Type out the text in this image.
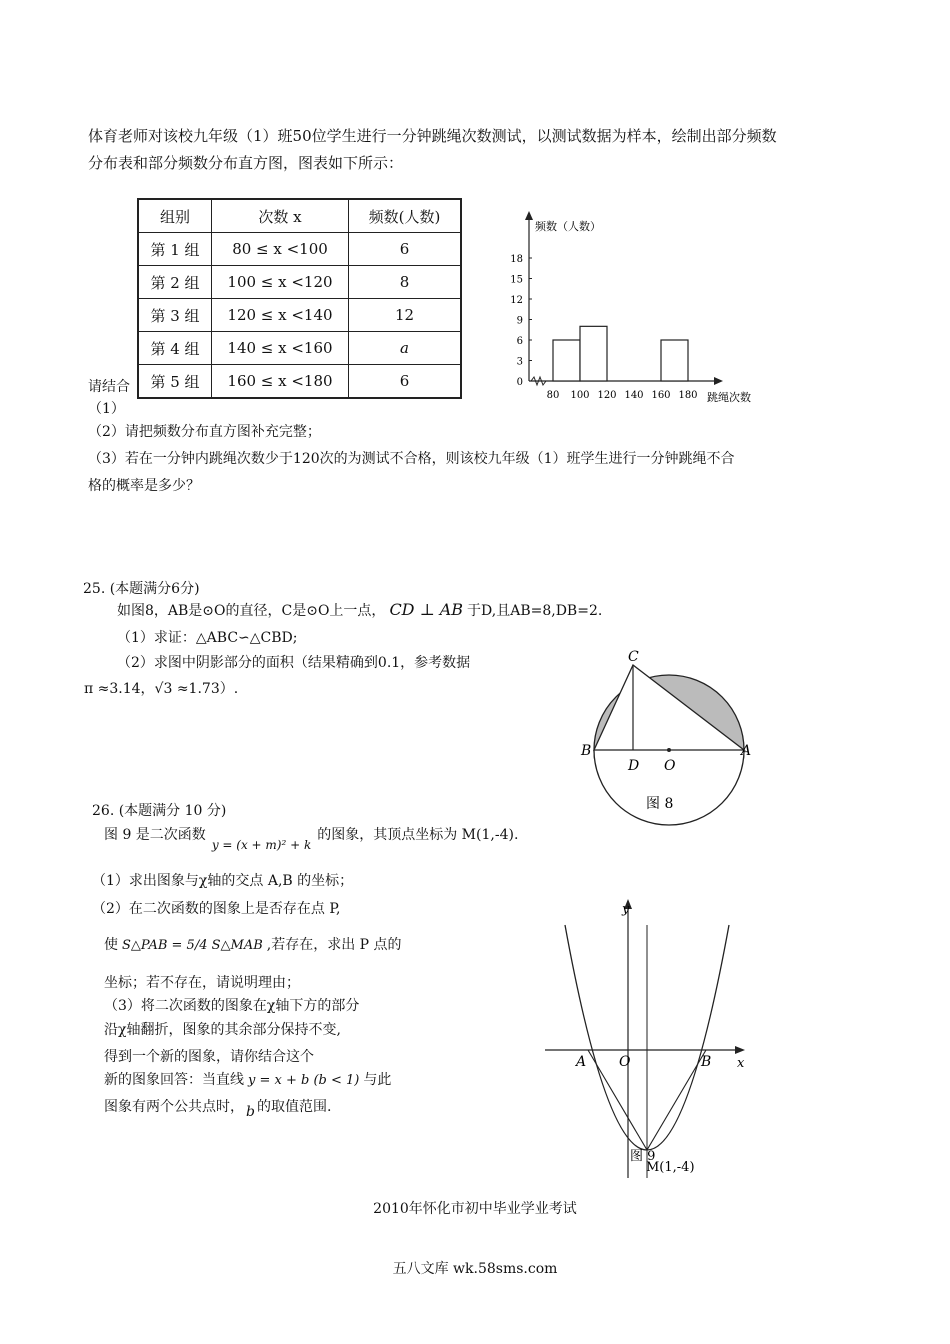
体育老师对该校九年级（1）班50位学生进行一分钟跳绳次数测试，以测试数据为样本，绘制出部分频数
分布表和部分频数分布直方图，图表如下所示：
组别	次数 x	频数(人数)
第 1 组	80 ≤ x <100	6
第 2 组	100 ≤ x <120	8
第 3 组	120 ≤ x <140	12
第 4 组	140 ≤ x <160	a
第 5 组	160 ≤ x <180	6
请结合
（1）
频数（人数）
跳绳次数
0
3
6
9
12
15
18
80 100 120 140 160 180
（2）请把频数分布直方图补充完整；
（3）若在一分钟内跳绳次数少于120次的为测试不合格，则该校九年级（1）班学生进行一分钟跳绳不合
格的概率是多少？
25. (本题满分6分)
如图8，AB是⊙O的直径，C是⊙O上一点， CD ⊥ AB 于D,且AB=8,DB=2.
（1）求证：△ABC∽△CBD;
（2）求图中阴影部分的面积（结果精确到0.1，参考数据
π ≈3.14，√3 ≈1.73）.
C
B
D O
A
图 8
26. (本题满分 10 分)
图 9 是二次函数y = (x + m)² + k的图象，其顶点坐标为 M(1,-4).
（1）求出图象与χ轴的交点 A,B 的坐标；
（2）在二次函数的图象上是否存在点 P,
使 S△PAB = 5/4 S△MAB ,若存在，求出 P 点的
坐标；若不存在，请说明理由；
（3）将二次函数的图象在χ轴下方的部分
沿χ轴翻折，图象的其余部分保持不变,
得到一个新的图象，请你结合这个
新的图象回答：当直线 y = x + b (b < 1) 与此
图象有两个公共点时， b 的取值范围.
y
x
A O	B
图 9
M(1,-4)
2010年怀化市初中毕业学业考试
五八文库 wk.58sms.com
